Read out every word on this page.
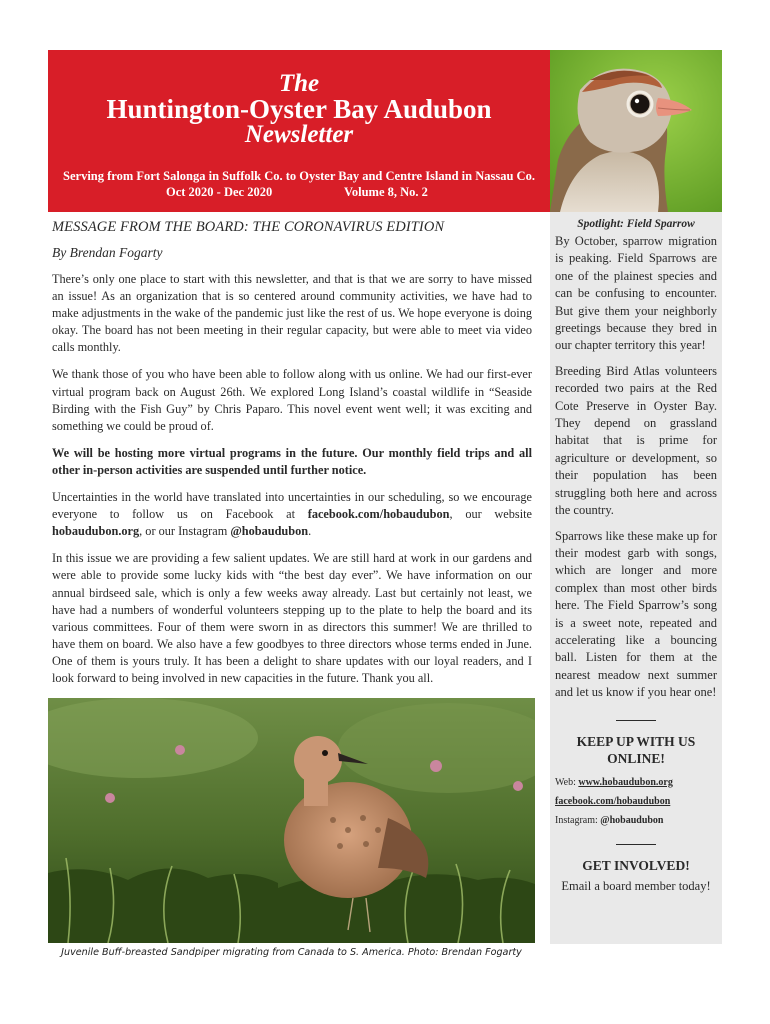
The
Huntington-Oyster Bay Audubon
Newsletter
Serving from Fort Salonga in Suffolk Co. to Oyster Bay and Centre Island in Nassau Co.
Oct 2020 - Dec 2020	Volume 8, No. 2
MESSAGE FROM THE BOARD: THE CORONAVIRUS EDITION
By Brendan Fogarty
There’s only one place to start with this newsletter, and that is that we are sorry to have missed an issue! As an organization that is so centered around community activities, we have had to make adjustments in the wake of the pandemic just like the rest of us. We hope everyone is doing okay. The board has not been meeting in their regular capacity, but were able to meet via video calls monthly.
We thank those of you who have been able to follow along with us online. We had our first-ever virtual program back on August 26th. We explored Long Island’s coastal wildlife in “Seaside Birding with the Fish Guy” by Chris Paparo. This novel event went well; it was exciting and something we could be proud of.
We will be hosting more virtual programs in the future. Our monthly field trips and all other in-person activities are suspended until further notice.
Uncertainties in the world have translated into uncertainties in our scheduling, so we encourage everyone to follow us on Facebook at facebook.com/hobaudubon, our website hobaudubon.org, or our Instagram @hobaudubon.
In this issue we are providing a few salient updates. We are still hard at work in our gardens and were able to provide some lucky kids with “the best day ever”. We have information on our annual birdseed sale, which is only a few weeks away already. Last but certainly not least, we have had a numbers of wonderful volunteers stepping up to the plate to help the board and its various committees. Four of them were sworn in as directors this summer! We are thrilled to have them on board. We also have a few goodbyes to three directors whose terms ended in June. One of them is yours truly. It has been a delight to share updates with our loyal readers, and I look forward to being involved in new capacities in the future. Thank you all.
Juvenile Buff-breasted Sandpiper migrating from Canada to S. America. Photo: Brendan Fogarty
Spotlight: Field Sparrow
By October, sparrow migration is peaking. Field Sparrows are one of the plainest species and can be confusing to encounter. But give them your neighborly greetings because they bred in our chapter territory this year!
Breeding Bird Atlas volunteers recorded two pairs at the Red Cote Preserve in Oyster Bay. They depend on grassland habitat that is prime for agriculture or development, so their population has been struggling both here and across the country.
Sparrows like these make up for their modest garb with songs, which are longer and more complex than most other birds here. The Field Sparrow’s song is a sweet note, repeated and accelerating like a bouncing ball. Listen for them at the nearest meadow next summer and let us know if you hear one!
KEEP UP WITH US ONLINE!
Web: www.hobaudubon.org
facebook.com/hobaudubon
Instagram: @hobaudubon
GET INVOLVED!
Email a board member today!
